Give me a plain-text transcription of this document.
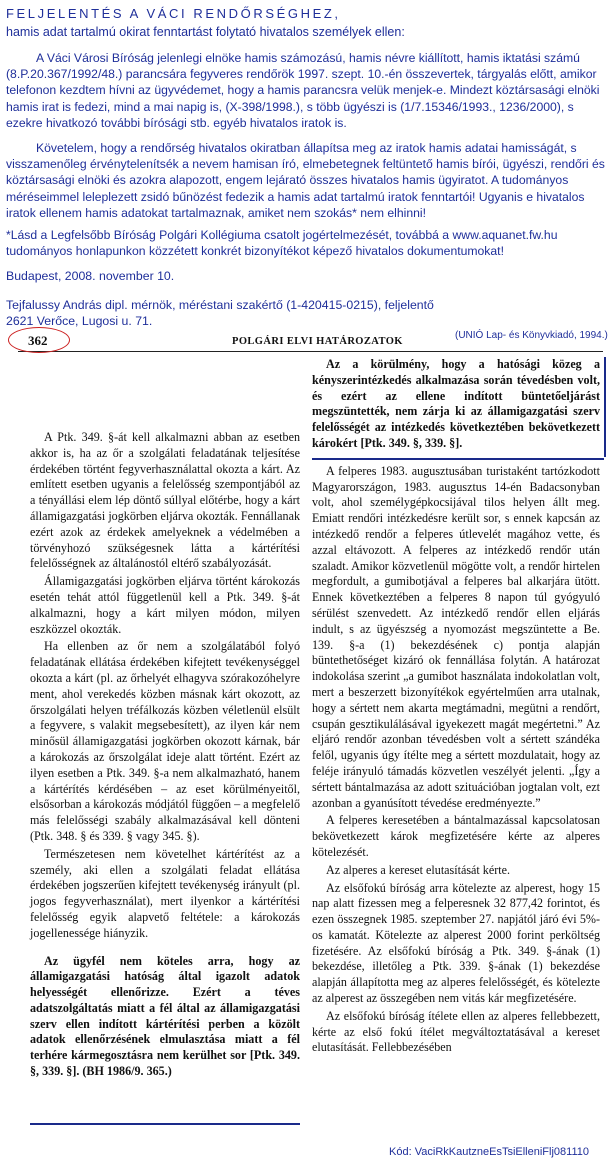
FELJELENTÉS A VÁCI RENDŐRSÉGHEZ,
hamis adat tartalmú okirat fenntartást folytató hivatalos személyek ellen:

A Váci Városi Bíróság jelenlegi elnöke hamis számozású, hamis névre kiállított, hamis iktatási számú (8.P.20.367/1992/48.) parancsára fegyveres rendőrök 1997. szept. 10.-én összevertek, tárgyalás előtt, amikor telefonon kezdtem hívni az ügyvédemet, hogy a hamis parancsra velük menjek-e. Mindezt köztársasági elnöki hamis irat is fedezi, mind a mai napig is, (X-398/1998.), s több ügyészi is (1/7.15346/1993., 1236/2000), s ezekre hivatkozó további bírósági stb. egyéb hivatalos iratok is.

Követelem, hogy a rendőrség hivatalos okiratban állapítsa meg az iratok hamis adatai hamisságát, s visszamenőleg érvénytelenítsék a nevem hamisan író, elmebetegnek feltüntető hamis bírói, ügyészi, rendőri és köztársasági elnöki és azokra alapozott, engem lejárató összes hivatalos hamis ügyiratot. A tudományos méréseimmel leleplezett zsidó bűnözést fedezik a hamis adat tartalmú iratok fenntartói! Ugyanis e hivatalos iratok ellenem hamis adatokat tartalmaznak, amiket nem szokás* nem elhinni!

*Lásd a Legfelsőbb Bíróság Polgári Kollégiuma csatolt jogértelmezését, továbbá a www.aquanet.fw.hu tudományos honlapunkon közzétett konkrét bizonyítékot képező hivatalos dokumentumokat!

Budapest, 2008. november 10.
Tejfalussy András dipl. mérnök, méréstani szakértő (1-420415-0215), feljelentő
2621 Verőce, Lugosi u. 71.
362	POLGÁRI ELVI HATÁROZATOK
(UNIÓ Lap- és Könyvkiadó, 1994.)

A Ptk. 349. §-át kell alkalmazni abban az esetben akkor is, ha az őr a szolgálati feladatának teljesítése érdekében történt fegyverhasználattal okozta a kárt. Az említett esetben ugyanis a felelősség szempontjából az a tényállási elem lép döntő súllyal előtérbe, hogy a kárt államigazgatási jogkörben eljárva okozták. Fennállanak ezért azok az érdekek amelyeknek a védelmében a törvényhozó szükségesnek látta a kártérítési felelősségnek az általánostól eltérő szabályozását.

Államigazgatási jogkörben eljárva történt károkozás esetén tehát attól függetlenül kell a Ptk. 349. §-át alkalmazni, hogy a kárt milyen módon, milyen eszközzel okozták.

Ha ellenben az őr nem a szolgálatából folyó feladatának ellátása érdekében kifejtett tevékenységgel okozta a kárt (pl. az őrhelyét elhagyva szórakozóhelyre ment, ahol verekedés közben másnak kárt okozott, az őrszolgálati helyen tréfálkozás közben véletlenül elsült a fegyvere, s valakit megsebesített), az ilyen kár nem minősül államigazgatási jogkörben okozott kárnak, bár a károkozás az őrszolgálat ideje alatt történt. Ezért az ilyen esetben a Ptk. 349. §-a nem alkalmazható, hanem a kártérítés kérdésében – az eset körülményeitől, elsősorban a károkozás módjától függően – a megfelelő más felelősségi szabály alkalmazásával kell dönteni (Ptk. 348. § és 339. § vagy 345. §).

Természetesen nem követelhet kártérítést az a személy, aki ellen a szolgálati feladat ellátása érdekében jogszerűen kifejtett tevékenység irányult (pl. jogos fegyverhasználat), mert ilyenkor a kártérítési felelősség egyik alapvető feltétele: a károkozás jogellenessége hiányzik.

Az ügyfél nem köteles arra, hogy az államigazgatási hatóság által igazolt adatok helyességét ellenőrizze. Ezért a téves adatszolgáltatás miatt a fél által az államigazgatási szerv ellen indított kártérítési perben a közölt adatok ellenőrzésének elmulasztása miatt a fél terhére kármegosztásra nem kerülhet sor [Ptk. 349. §, 339. §]. (BH 1986/9. 365.)

Az a körülmény, hogy a hatósági közeg a kényszerintézkedés alkalmazása során tévedésben volt, és ezért az ellene indított büntetőeljárást megszüntették, nem zárja ki az államigazgatási szerv felelősségét az intézkedés következtében bekövetkezett károkért [Ptk. 349. §, 339. §].

A felperes 1983. augusztusában turistaként tartózkodott Magyarországon, 1983. augusztus 14-én Badacsonyban volt, ahol személygépkocsijával tilos helyen állt meg. Emiatt rendőri intézkedésre került sor, s ennek kapcsán az intézkedő rendőr a felperes útlevelét magához vette, és azzal eltávozott. A felperes az intézkedő rendőr után szaladt. Amikor közvetlenül mögötte volt, a rendőr hirtelen megfordult, a gumibotjával a felperes bal alkarjára ütött. Ennek következtében a felperes 8 napon túl gyógyuló sérülést szenvedett. Az intézkedő rendőr ellen eljárás indult, s az ügyészség a nyomozást megszüntette a Be. 139. §-a (1) bekezdésének c) pontja alapján büntethetőséget kizáró ok fennállása folytán. A határozat indokolása szerint „a gumibot használata indokolatlan volt, mert a beszerzett bizonyítékok egyértelműen arra utalnak, hogy a sértett nem akarta megtámadni, megütni a rendőrt, csupán gesztikulálásával igyekezett magát megértetni.” Az eljáró rendőr azonban tévedésben volt a sértett szándéka felől, ugyanis úgy ítélte meg a sértett mozdulatait, hogy az feléje irányuló támadás közvetlen veszélyét jelenti. „Így a sértett bántalmazása az adott szituációban jogtalan volt, ezt azonban a gyanúsított tévedése eredményezte.”

A felperes keresetében a bántalmazással kapcsolatosan bekövetkezett károk megfizetésére kérte az alperes kötelezését.

Az alperes a kereset elutasítását kérte.

Az elsőfokú bíróság arra kötelezte az alperest, hogy 15 nap alatt fizessen meg a felperesnek 32 877,42 forintot, és ezen összegnek 1985. szeptember 27. napjától járó évi 5%-os kamatát. Kötelezte az alperest 2000 forint perköltség fizetésére. Az elsőfokú bíróság a Ptk. 349. §-ának (1) bekezdése, illetőleg a Ptk. 339. §-ának (1) bekezdése alapján állapította meg az alperes felelősségét, és kötelezte az alperest az összegében nem vitás kár megfizetésére.

Az elsőfokú bíróság ítélete ellen az alperes fellebbezett, kérte az első fokú ítélet megváltoztatásával a kereset elutasítását. Fellebbezésében

Kód: VaciRkKautzneEsTsiElleniFlj081110
